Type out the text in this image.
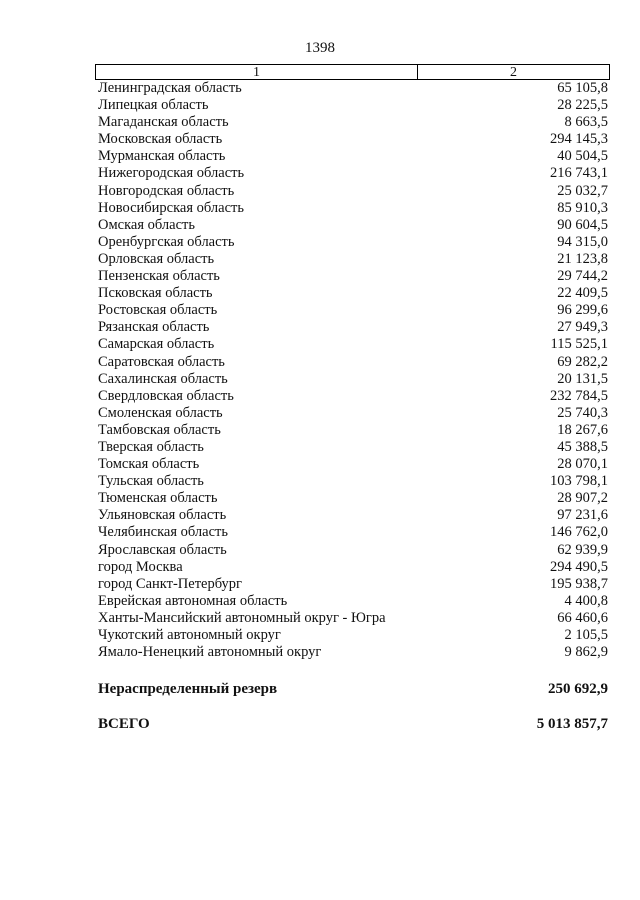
1398
1	2
Ленинградская область	65 105,8
Липецкая область	28 225,5
Магаданская область	8 663,5
Московская область	294 145,3
Мурманская область	40 504,5
Нижегородская область	216 743,1
Новгородская область	25 032,7
Новосибирская область	85 910,3
Омская область	90 604,5
Оренбургская область	94 315,0
Орловская область	21 123,8
Пензенская область	29 744,2
Псковская область	22 409,5
Ростовская область	96 299,6
Рязанская область	27 949,3
Самарская область	115 525,1
Саратовская область	69 282,2
Сахалинская область	20 131,5
Свердловская область	232 784,5
Смоленская область	25 740,3
Тамбовская область	18 267,6
Тверская область	45 388,5
Томская область	28 070,1
Тульская область	103 798,1
Тюменская область	28 907,2
Ульяновская область	97 231,6
Челябинская область	146 762,0
Ярославская область	62 939,9
город Москва	294 490,5
город Санкт-Петербург	195 938,7
Еврейская автономная область	4 400,8
Ханты-Мансийский автономный округ - Югра	66 460,6
Чукотский автономный округ	2 105,5
Ямало-Ненецкий автономный округ	9 862,9
Нераспределенный резерв	250 692,9
ВСЕГО	5 013 857,7
